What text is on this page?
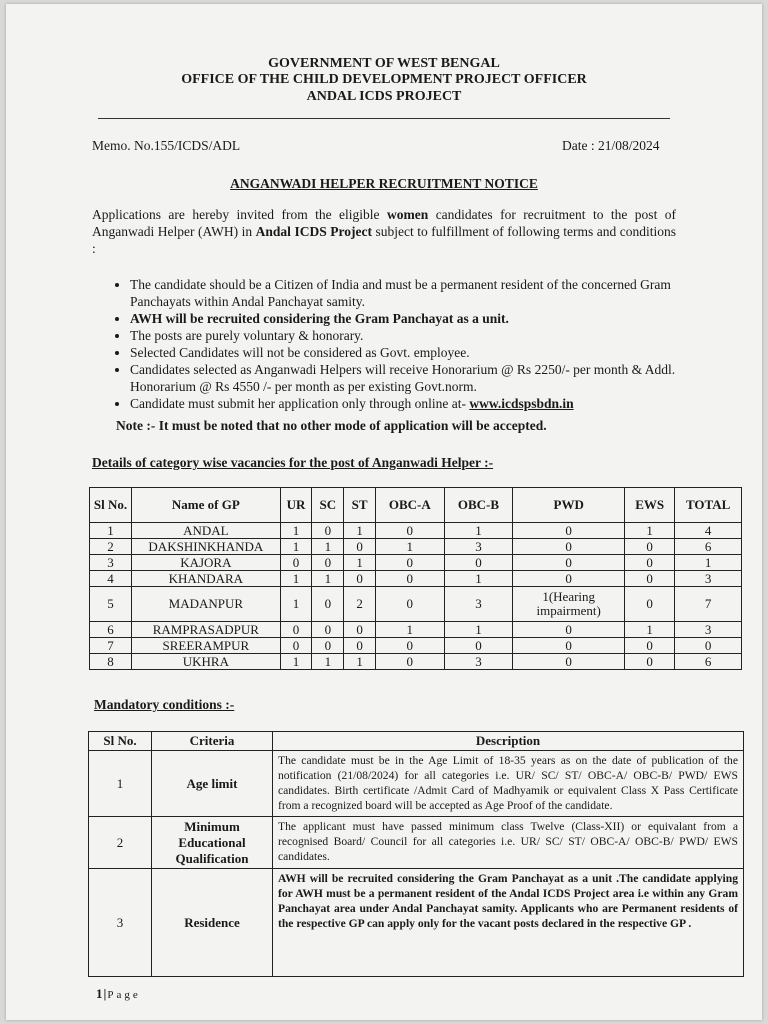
GOVERNMENT OF WEST BENGAL
OFFICE OF THE CHILD DEVELOPMENT PROJECT OFFICER
ANDAL ICDS PROJECT
Memo. No.155/ICDS/ADL	Date : 21/08/2024
ANGANWADI HELPER RECRUITMENT NOTICE
Applications are hereby invited from the eligible women candidates for recruitment to the post of Anganwadi Helper (AWH) in Andal ICDS Project subject to fulfillment of following terms and conditions :
• The candidate should be a Citizen of India and must be a permanent resident of the concerned Gram Panchayats within Andal Panchayat samity.
• AWH will be recruited considering the Gram Panchayat as a unit.
• The posts are purely voluntary & honorary.
• Selected Candidates will not be considered as Govt. employee.
• Candidates selected as Anganwadi Helpers will receive Honorarium @ Rs 2250/- per month & Addl. Honorarium @ Rs 4550 /- per month as per existing Govt.norm.
• Candidate must submit her application only through online at- www.icdspsbdn.in
Note :- It must be noted that no other mode of application will be accepted.
Details of category wise vacancies for the post of Anganwadi Helper :-
Sl No.	Name of GP	UR	SC	ST	OBC-A	OBC-B	PWD	EWS	TOTAL
1	ANDAL	1	0	1	0	1	0	1	4
2	DAKSHINKHANDA	1	1	0	1	3	0	0	6
3	KAJORA	0	0	1	0	0	0	0	1
4	KHANDARA	1	1	0	0	1	0	0	3
5	MADANPUR	1	0	2	0	3	1(Hearing impairment)	0	7
6	RAMPRASADPUR	0	0	0	1	1	0	1	3
7	SREERAMPUR	0	0	0	0	0	0	0	0
8	UKHRA	1	1	1	0	3	0	0	6
Mandatory conditions :-
Sl No.	Criteria	Description
1	Age limit	The candidate must be in the Age Limit of 18-35 years as on the date of publication of the notification (21/08/2024) for all categories i.e. UR/ SC/ ST/ OBC-A/ OBC-B/ PWD/ EWS candidates. Birth certificate /Admit Card of Madhyamik or equivalent Class X Pass Certificate from a recognized board will be accepted as Age Proof of the candidate.
2	Minimum Educational Qualification	The applicant must have passed minimum class Twelve (Class-XII) or equivalant from a recognised Board/ Council for all categories i.e. UR/ SC/ ST/ OBC-A/ OBC-B/ PWD/ EWS candidates.
3	Residence	AWH will be recruited considering the Gram Panchayat as a unit .The candidate applying for AWH must be a permanent resident of the Andal ICDS Project area i.e within any Gram Panchayat area under Andal Panchayat samity. Applicants who are Permanent residents of the respective GP can apply only for the vacant posts declared in the respective GP .
1|Page
